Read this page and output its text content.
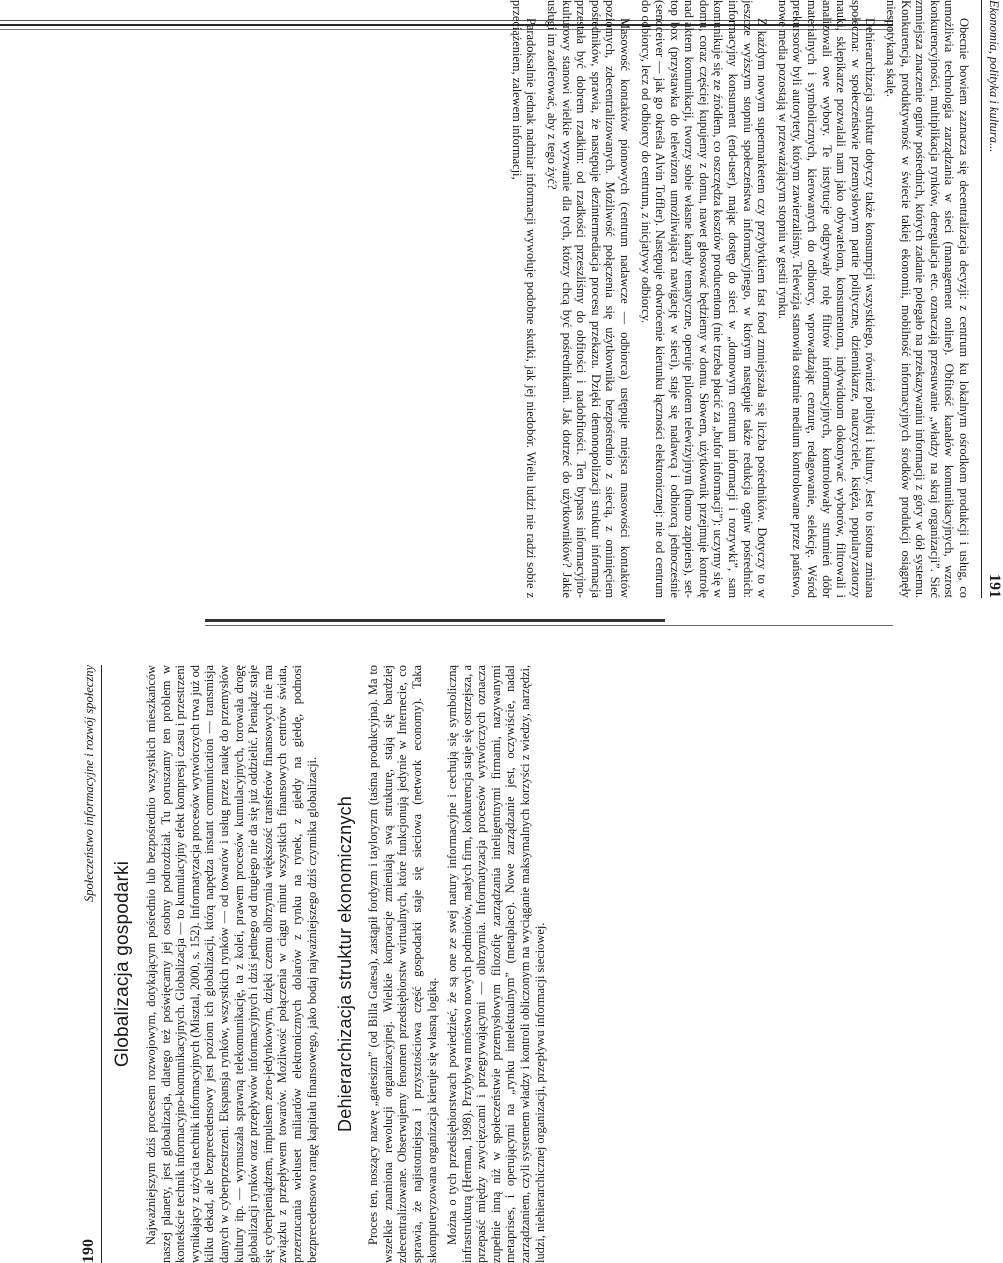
190
Społeczeństwo informacyjne i rozwój społeczny
Globalizacja gospodarki Najważniejszym dziś procesem rozwojowym, dotykającym pośrednio lub bezpośrednio wszystkich mieszkańców naszej planety, jest globalizacja, dlatego też poświęcamy jej osobny podrozdział. Tu poruszamy ten problem w kontekście technik informacyjno-komunikacyjnych. Globalizacja — to kumulacyjny efekt kompresji czasu i przestrzeni wynikający z użycia technik informacyjnych (Misztal, 2000, s. 152). Informatyzacja procesów wytwórczych trwa już od kilku dekad, ale bezprecedensowy jest poziom ich globalizacji, którą napędza instant communication — transmisja danych w cyberprzestrzeni. Ekspansja rynków, wszystkich rynków — od towarów i usług przez naukę do przemysłów kultury itp. — wymuszała sprawną telekomunikację, ta z kolei, prawem procesów kumulacyjnych, torowała drogę globalizacji rynków oraz przepływów informacyjnych i dziś jednego od drugiego nie da się już oddzielić. Pieniądz staje się cyberpieniądzem, impulsem zero-jedynkowym, dzięki czemu olbrzymia większość transferów finansowych nie ma związku z przepływem towarów. Możliwość połączenia w ciągu minut wszystkich finansowych centrów świata, przerzucania wieluset miliardów elektronicznych dolarów z rynku na rynek, z giełdy na giełdę, podnosi bezprecedensowo rangę kapitału finansowego, jako bodaj najważniejszego dziś czynnika globalizacji. Dehierarchizacja struktur ekonomicznych Proces ten, noszący nazwę „gatesizm” (od Billa Gatesa), zastąpił fordyzm i tayloryzm (taśma produkcyjna). Ma to wszelkie znamiona rewolucji organizacyjnej. Wielkie korporacje zmieniają swą strukturę, stają się bardziej zdecentralizowane. Obserwujemy fenomen przedsiębiorstw wirtualnych, które funkcjonują jedynie w Internecie, co sprawia, że najistotniejsza i przysztościowa część gospodarki staje się sieciowa (network economy). Taka skomputeryzowana organizacja kieruje się własną logiką. Można o tych przedsiębiorstwach powiedzieć, że są one ze swej natury informacyjne i cechują się symboliczną infrastrukturą (Herman, 1998). Przybywa mnóstwo nowych podmiotów, małych firm, konkurencja staje się ostrzejsza, a przepaść między zwycięzcami i przegrywającymi — olbrzymia. Informatyzacja procesów wytwórczych oznacza zupełnie inną niż w społeczeństwie przemysłowym filozofię zarządzania inteligentnymi firmami, nazywanymi metaprises, i operującymi na „rynku intelektualnym” (metaplace). Nowe zarządzanie jest, oczywiście, nadal zarządzaniem, czyli systemem władzy i kontroli obliczonym na wyciąganie maksymalnych korzyści z wiedzy, narzędzi, ludzi, niehierarchicznej organizacji, przepływu informacji sieciowej.

Ekonomia, polityka i kultura...
191

Obecnie bowiem zaznacza się decentralizacja decyzji: z centrum ku lokalnym ośrodkom produkcji i usług, co umożliwia technologia zarządzania w sieci (management online). Obfitość kanałów komunikacyjnych, wzrost konkurencyjności, multiplikacja rynków, deregulacja etc. oznaczają przesuwanie „władzy na skraj organizacji”. Sieć zmniejsza znaczenie ogniw pośrednich, których zadanie polegało na przekazywaniu informacji z góry w dół systemu. Konkurencja, produktywność w świecie takiej ekonomii, mobilność informacyjnych środków produkcji osiągnęły niespotykaną skalę.

Dehierarchizacja struktur dotyczy także konsumpcji wszystkiego, również polityki i kultury. Jest to istotna zmiana społeczna: w społeczeństwie przemysłowym partie polityczne, dziennikarze, nauczyciele, księża, popularyzatorzy nauki, sklepikarze pozwalali nam jako obywatelom, konsumentom, indywiduom dokonywać wyborów, filtrowali i analizowali owe wybory. Te instytucje odgrywały rolę filtrów informacyjnych, kontrolowały strumień dóbr materialnych i symbolicznych, kierowanych do odbiorcy, wprowadzając cenzurę, redagowanie, selekcję. Wśród prekursorów byli autorytety, którym zawierzaliśmy. Telewizja stanowiła ostatnie medium kontrolowane przez państwo, nowe media pozostają w przeważającym stopniu w gestii rynku.

Z każdym nowym supermarketem czy przybytkiem fast food zmniejszała się liczba pośredników. Dotyczy to w jeszcze wyższym stopniu społeczeństwa informacyjnego, w którym następuje także redukcja ogniw pośrednich: informacyjny konsument (end-user), mając dostęp do sieci w „domowym centrum informacji i rozrywki”, sam komunikuje się ze źródłem, co oszczędza kosztów producentom (nie trzeba płacić za „bufor informacji”): uczymy się w domu, coraz częściej kupujemy z domu, nawet głosować będziemy w domu. Słowem, użytkownik przejmuje kontrolę nad aktem komunikacji, tworzy sobie własne kanały tematyczne, operuje pilotem telewizyjnym (homo zappiens), set-top box (przystawka do telewizora umożliwiająca nawigację w sieci), staje się nadawcą i odbiorcą jednocześnie (sendceiver — jak go określa Alvin Toffler). Następuje odwrócenie kierunku łączności elektronicznej: nie od centrum do odbiorcy, lecz od odbiorcy do centrum, z inicjatywy odbiorcy.

Masowość kontaktów pionowych (centrum nadawcze — odbiorca) ustępuje miejsca masowości kontaktów poziomych, zdecentralizowanych. Możliwość połączenia się użytkownika bezpośrednio z siecią, z ominięciem pośredników, sprawia, że następuje dezintermediacja procesu przekazu. Dzięki demonopolizacji struktur informacja przestała być dobrem rzadkim: od rzadkości przeszliśmy do obfitości i nadobfitości. Ten bypass informacyjno-kulturowy stanowi wielkie wyzwanie dla tych, którzy chcą być pośrednikami. Jak dotrzeć do użytkowników? Jakie usługi im zaoferować, aby z tego żyć?

Paradoksalnie jednak nadmiar informacji wywołuje podobne skutki, jak jej niedobór. Wielu ludzi nie radzi sobie z przeciążeniem, zalewem informacji,
